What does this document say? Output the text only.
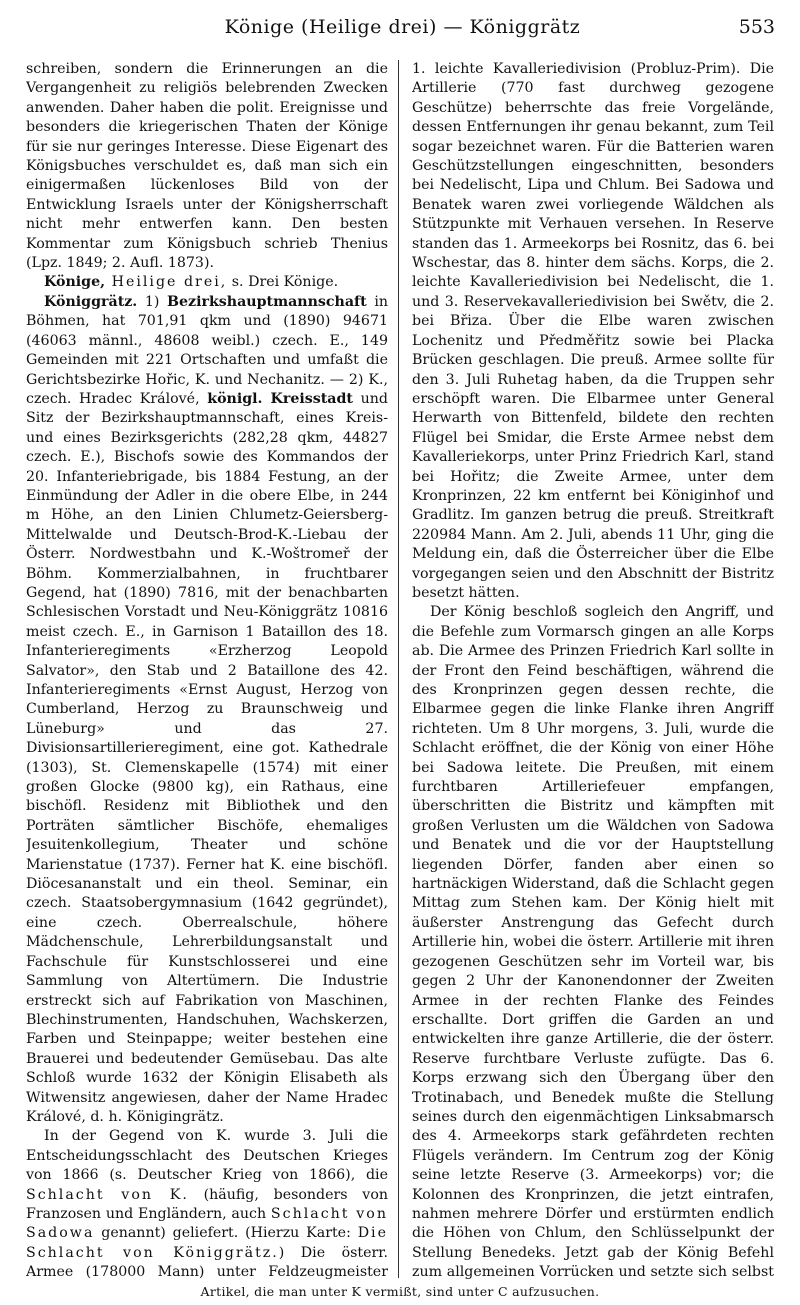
Könige (Heilige drei) — Königgrätz	553

schreiben, sondern die Erinnerungen an die Vergangenheit zu religiös belebrenden Zwecken anwenden. Daher haben die polit. Ereignisse und besonders die kriegerischen Thaten der Könige für sie nur geringes Interesse. Diese Eigenart des Königsbuches verschuldet es, daß man sich ein einigermaßen lückenloses Bild von der Entwicklung Israels unter der Königsherrschaft nicht mehr entwerfen kann. Den besten Kommentar zum Königsbuch schrieb Thenius (Lpz. 1849; 2. Aufl. 1873).

Könige, Heilige drei, s. Drei Könige.

Königgrätz. 1) Bezirkshauptmannschaft in Böhmen, hat 701,91 qkm und (1890) 94671 (46063 männl., 48608 weibl.) czech. E., 149 Gemeinden mit 221 Ortschaften und umfaßt die Gerichtsbezirke Hořic, K. und Nechanitz. — 2) K., czech. Hradec Králové, königl. Kreisstadt und Sitz der Bezirkshauptmannschaft, eines Kreis- und eines Bezirksgerichts (282,28 qkm, 44827 czech. E.), Bischofs sowie des Kommandos der 20. Infanteriebrigade, bis 1884 Festung, an der Einmündung der Adler in die obere Elbe, in 244 m Höhe, an den Linien Chlumetz-Geiersberg-Mittelwalde und Deutsch-Brod-K.-Liebau der Österr. Nordwestbahn und K.-Woštromeř der Böhm. Kommerzialbahnen, in fruchtbarer Gegend, hat (1890) 7816, mit der benachbarten Schlesischen Vorstadt und Neu-Königgrätz 10816 meist czech. E., in Garnison 1 Bataillon des 18. Infanterieregiments «Erzherzog Leopold Salvator», den Stab und 2 Bataillone des 42. Infanterieregiments «Ernst August, Herzog von Cumberland, Herzog zu Braunschweig und Lüneburg» und das 27. Divisionsartillerieregiment, eine got. Kathedrale (1303), St. Clemenskapelle (1574) mit einer großen Glocke (9800 kg), ein Rathaus, eine bischöfl. Residenz mit Bibliothek und den Porträten sämtlicher Bischöfe, ehemaliges Jesuitenkollegium, Theater und schöne Marienstatue (1737). Ferner hat K. eine bischöfl. Diöcesananstalt und ein theol. Seminar, ein czech. Staatsobergymnasium (1642 gegründet), eine czech. Oberrealschule, höhere Mädchenschule, Lehrerbildungsanstalt und Fachschule für Kunstschlosserei und eine Sammlung von Altertümern. Die Industrie erstreckt sich auf Fabrikation von Maschinen, Blechinstrumenten, Handschuhen, Wachskerzen, Farben und Steinpappe; weiter bestehen eine Brauerei und bedeutender Gemüsebau. Das alte Schloß wurde 1632 der Königin Elisabeth als Witwensitz angewiesen, daher der Name Hradec Králové, d. h. Königingrätz.

In der Gegend von K. wurde 3. Juli die Entscheidungsschlacht des Deutschen Krieges von 1866 (s. Deutscher Krieg von 1866), die Schlacht von K. (häufig, besonders von Franzosen und Engländern, auch Schlacht von Sadowa genannt) geliefert. (Hierzu Karte: Die Schlacht von Königgrätz.) Die österr. Armee (178000 Mann) unter Feldzeugmeister

1. leichte Kavalleriedivision (Probluz-Prim). Die Artillerie (770 fast durchweg gezogene Geschütze) beherrschte das freie Vorgelände, dessen Entfernungen ihr genau bekannt, zum Teil sogar bezeichnet waren. Für die Batterien waren Geschützstellungen eingeschnitten, besonders bei Nedelischt, Lipa und Chlum. Bei Sadowa und Benatek waren zwei vorliegende Wäldchen als Stützpunkte mit Verhauen versehen. In Reserve standen das 1. Armeekorps bei Rosnitz, das 6. bei Wschestar, das 8. hinter dem sächs. Korps, die 2. leichte Kavalleriedivision bei Nedelischt, die 1. und 3. Reservekavalleriedivision bei Swětv, die 2. bei Břiza. Über die Elbe waren zwischen Lochenitz und Předměřitz sowie bei Placka Brücken geschlagen. Die preuß. Armee sollte für den 3. Juli Ruhetag haben, da die Truppen sehr erschöpft waren. Die Elbarmee unter General Herwarth von Bittenfeld, bildete den rechten Flügel bei Smidar, die Erste Armee nebst dem Kavalleriekorps, unter Prinz Friedrich Karl, stand bei Hořitz; die Zweite Armee, unter dem Kronprinzen, 22 km entfernt bei Königinhof und Gradlitz. Im ganzen betrug die preuß. Streitkraft 220984 Mann. Am 2. Juli, abends 11 Uhr, ging die Meldung ein, daß die Österreicher über die Elbe vorgegangen seien und den Abschnitt der Bistritz besetzt hätten.

Der König beschloß sogleich den Angriff, und die Befehle zum Vormarsch gingen an alle Korps ab. Die Armee des Prinzen Friedrich Karl sollte in der Front den Feind beschäftigen, während die des Kronprinzen gegen dessen rechte, die Elbarmee gegen die linke Flanke ihren Angriff richteten. Um 8 Uhr morgens, 3. Juli, wurde die Schlacht eröffnet, die der König von einer Höhe bei Sadowa leitete. Die Preußen, mit einem furchtbaren Artilleriefeuer empfangen, überschritten die Bistritz und kämpften mit großen Verlusten um die Wäldchen von Sadowa und Benatek und die vor der Hauptstellung liegenden Dörfer, fanden aber einen so hartnäckigen Widerstand, daß die Schlacht gegen Mittag zum Stehen kam. Der König hielt mit äußerster Anstrengung das Gefecht durch Artillerie hin, wobei die österr. Artillerie mit ihren gezogenen Geschützen sehr im Vorteil war, bis gegen 2 Uhr der Kanonendonner der Zweiten Armee in der rechten Flanke des Feindes erschallte. Dort griffen die Garden an und entwickelten ihre ganze Artillerie, die der österr. Reserve furchtbare Verluste zufügte. Das 6. Korps erzwang sich den Übergang über den Trotinabach, und Benedek mußte die Stellung seines durch den eigenmächtigen Linksabmarsch des 4. Armeekorps stark gefährdeten rechten Flügels verändern. Im Centrum zog der König seine letzte Reserve (3. Armeekorps) vor; die Kolonnen des Kronprinzen, die jetzt eintrafen, nahmen mehrere Dörfer und erstürmten endlich die Höhen von Chlum, den Schlüsselpunkt der Stellung Benedeks. Jetzt gab der König Befehl zum allgemeinen Vorrücken und setzte sich selbst

Artikel, die man unter K vermißt, sind unter C aufzusuchen.
